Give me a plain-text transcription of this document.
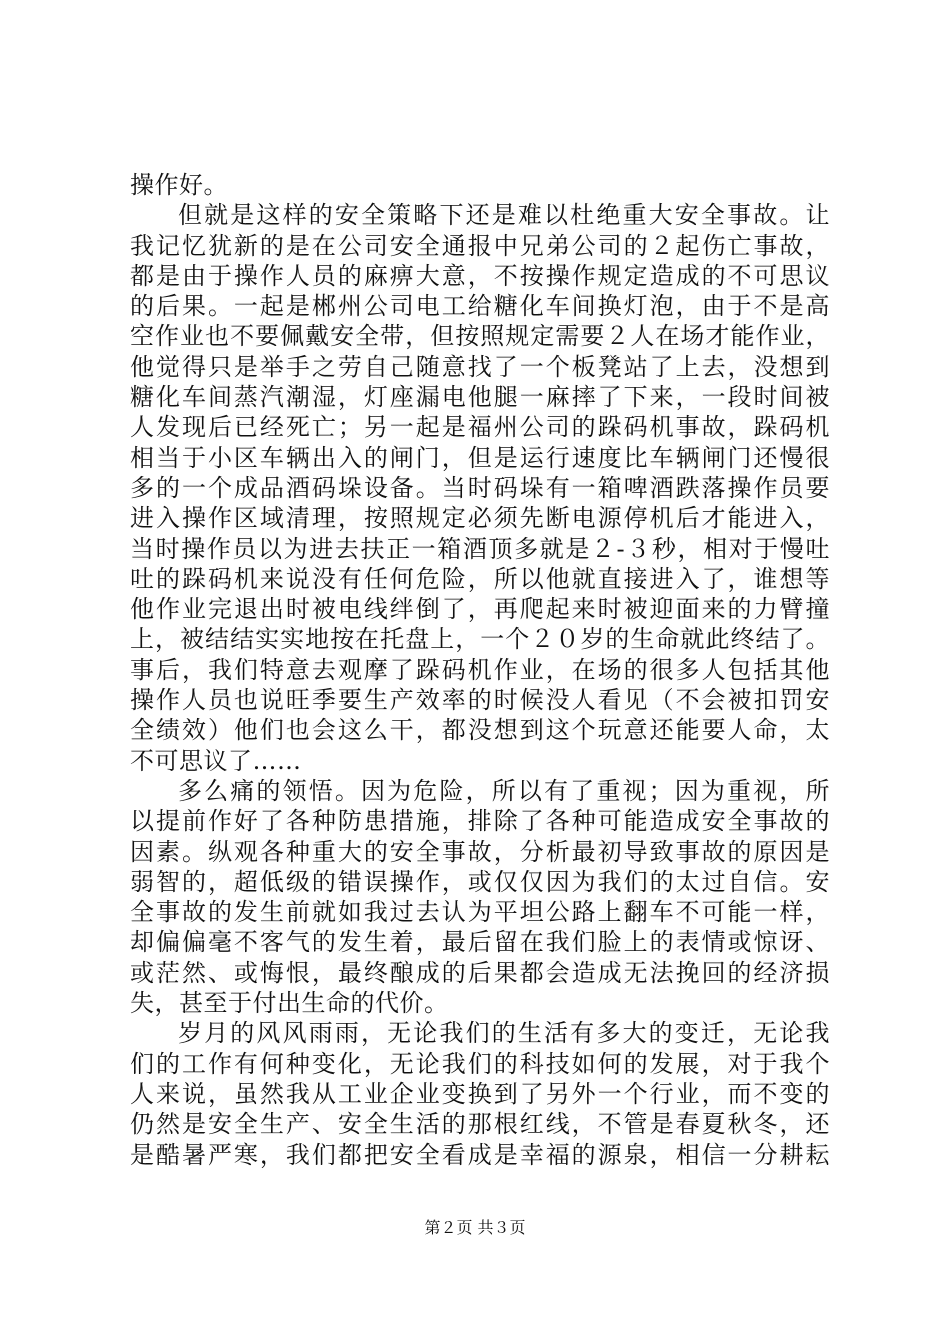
操作好。
但就是这样的安全策略下还是难以杜绝重大安全事故。让
我记忆犹新的是在公司安全通报中兄弟公司的２起伤亡事故，
都是由于操作人员的麻痹大意，不按操作规定造成的不可思议
的后果。一起是郴州公司电工给糖化车间换灯泡，由于不是高
空作业也不要佩戴安全带，但按照规定需要２人在场才能作业，
他觉得只是举手之劳自己随意找了一个板凳站了上去，没想到
糖化车间蒸汽潮湿，灯座漏电他腿一麻摔了下来，一段时间被
人发现后已经死亡；另一起是福州公司的跺码机事故，跺码机
相当于小区车辆出入的闸门，但是运行速度比车辆闸门还慢很
多的一个成品酒码垛设备。当时码垛有一箱啤酒跌落操作员要
进入操作区域清理，按照规定必须先断电源停机后才能进入，
当时操作员以为进去扶正一箱酒顶多就是２-３秒，相对于慢吐
吐的跺码机来说没有任何危险，所以他就直接进入了，谁想等
他作业完退出时被电线绊倒了，再爬起来时被迎面来的力臂撞
上，被结结实实地按在托盘上，一个２０岁的生命就此终结了。
事后，我们特意去观摩了跺码机作业，在场的很多人包括其他
操作人员也说旺季要生产效率的时候没人看见（不会被扣罚安
全绩效）他们也会这么干，都没想到这个玩意还能要人命，太
不可思议了……
多么痛的领悟。因为危险，所以有了重视；因为重视，所
以提前作好了各种防患措施，排除了各种可能造成安全事故的
因素。纵观各种重大的安全事故，分析最初导致事故的原因是
弱智的，超低级的错误操作，或仅仅因为我们的太过自信。安
全事故的发生前就如我过去认为平坦公路上翻车不可能一样，
却偏偏毫不客气的发生着，最后留在我们脸上的表情或惊讶、
或茫然、或悔恨，最终酿成的后果都会造成无法挽回的经济损
失，甚至于付出生命的代价。
岁月的风风雨雨，无论我们的生活有多大的变迁，无论我
们的工作有何种变化，无论我们的科技如何的发展，对于我个
人来说，虽然我从工业企业变换到了另外一个行业，而不变的
仍然是安全生产、安全生活的那根红线，不管是春夏秋冬，还
是酷暑严寒，我们都把安全看成是幸福的源泉，相信一分耕耘
第２页 共３页
